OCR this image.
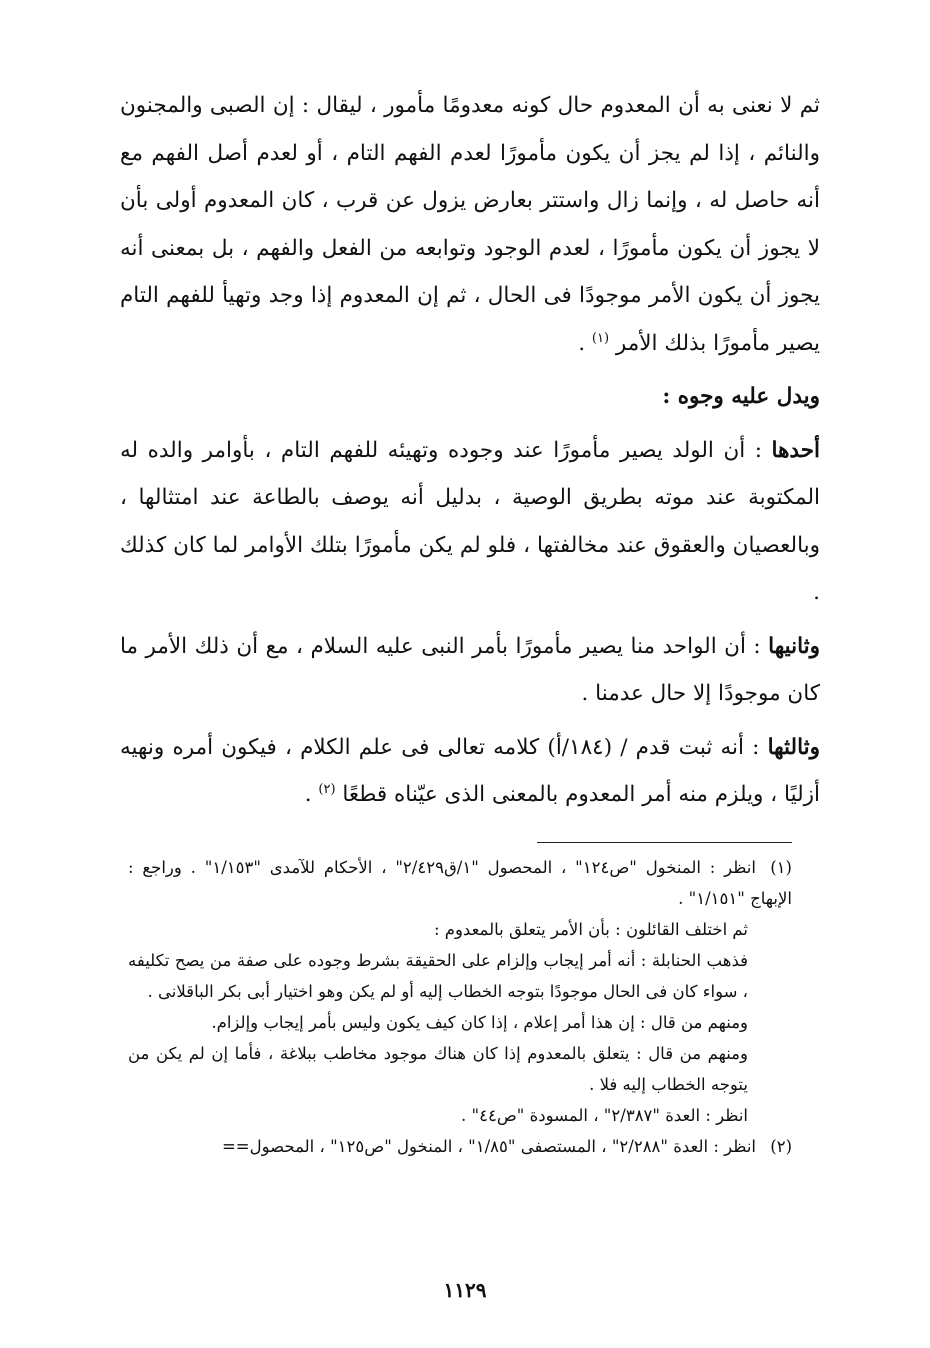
ثم لا نعنى به أن المعدوم حال كونه معدومًا مأمور ، ليقال : إن الصبى والمجنون والنائم ، إذا لم يجز أن يكون مأمورًا لعدم الفهم التام ، أو لعدم أصل الفهم مع أنه حاصل له ، وإنما زال واستتر بعارض يزول عن قرب ، كان المعدوم أولى بأن لا يجوز أن يكون مأمورًا ، لعدم الوجود وتوابعه من الفعل والفهم ، بل بمعنى أنه يجوز أن يكون الأمر موجودًا فى الحال ، ثم إن المعدوم إذا وجد وتهيأ للفهم التام يصير مأمورًا بذلك الأمر $^{(١)}$ .

ويدل عليه وجوه :

أحدها : أن الولد يصير مأمورًا عند وجوده وتهيئه للفهم التام ، بأوامر والده له المكتوبة عند موته بطريق الوصية ، بدليل أنه يوصف بالطاعة عند امتثالها ، وبالعصيان والعقوق عند مخالفتها ، فلو لم يكن مأمورًا بتلك الأوامر لما كان كذلك .

وثانيها : أن الواحد منا يصير مأمورًا بأمر النبى عليه السلام ، مع أن ذلك الأمر ما كان موجودًا إلا حال عدمنا .

وثالثها : أنه ثبت قدم / (١٨٤/أ) كلامه تعالى فى علم الكلام ، فيكون أمره ونهيه أزليًا ، ويلزم منه أمر المعدوم بالمعنى الذى عيّناه قطعًا $^{(٢)}$ .

(١)انظر : المنخول "ص١٢٤" ، المحصول "١/ق٢/٤٢٩" ، الأحكام للآمدى "١/١٥٣" . وراجع : الإبهاج "١/١٥١" .

ثم اختلف القائلون : بأن الأمر يتعلق بالمعدوم :

فذهب الحنابلة : أنه أمر إيجاب وإلزام على الحقيقة بشرط وجوده على صفة من يصح تكليفه ، سواء كان فى الحال موجودًا بتوجه الخطاب إليه أو لم يكن وهو اختيار أبى بكر الباقلانى .

ومنهم من قال : إن هذا أمر إعلام ، إذا كان كيف يكون وليس بأمر إيجاب وإلزام.

ومنهم من قال : يتعلق بالمعدوم إذا كان هناك موجود مخاطب ببلاغة ، فأما إن لم يكن من يتوجه الخطاب إليه فلا .

انظر : العدة "٢/٣٨٧" ، المسودة "ص٤٤" .

(٢)انظر : العدة "٢/٢٨٨" ، المستصفى "١/٨٥" ، المنخول "ص١٢٥" ، المحصول==

١١٢٩
